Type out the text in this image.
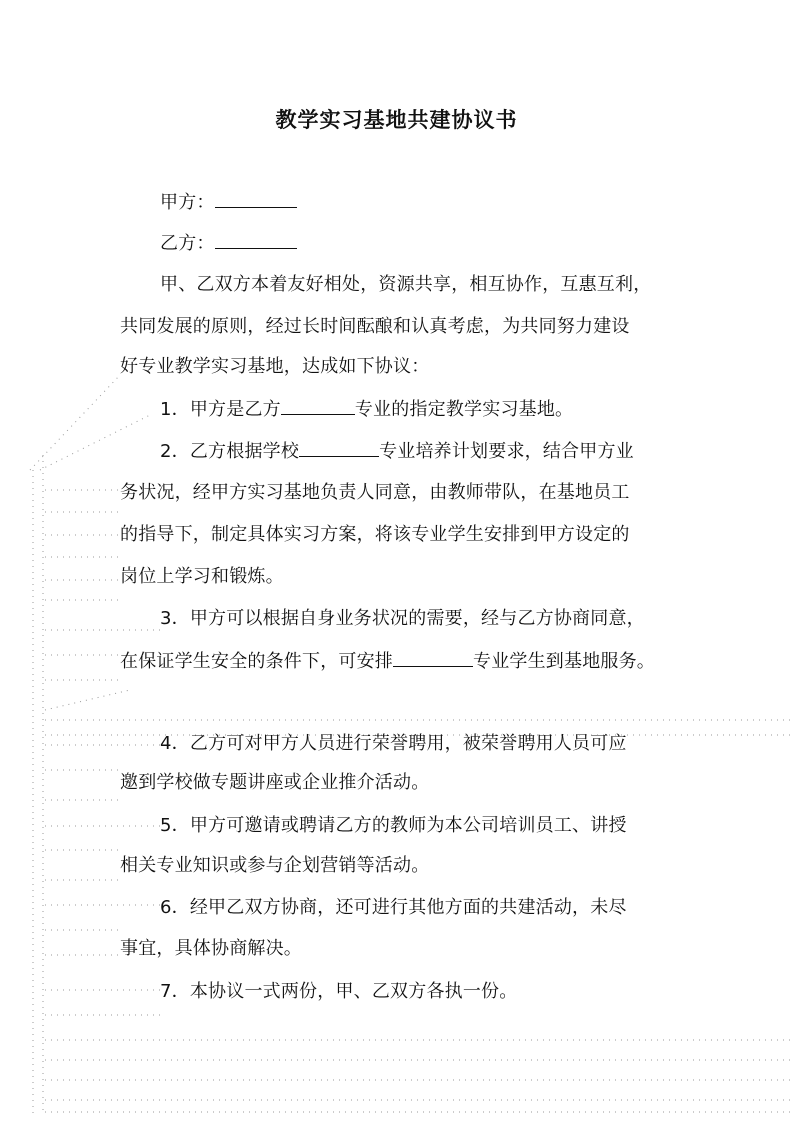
教学实习基地共建协议书
甲方：
乙方：
甲、乙双方本着友好相处，资源共享，相互协作，互惠互利，
共同发展的原则，经过长时间酝酿和认真考虑，为共同努力建设
好专业教学实习基地，达成如下协议：
1．甲方是乙方	专业的指定教学实习基地。
2．乙方根据学校	专业培养计划要求，结合甲方业
务状况，经甲方实习基地负责人同意，由教师带队，在基地员工
的指导下，制定具体实习方案，将该专业学生安排到甲方设定的
岗位上学习和锻炼。
3．甲方可以根据自身业务状况的需要，经与乙方协商同意，
在保证学生安全的条件下，可安排	专业学生到基地服务。
4．乙方可对甲方人员进行荣誉聘用，被荣誉聘用人员可应
邀到学校做专题讲座或企业推介活动。
5．甲方可邀请或聘请乙方的教师为本公司培训员工、讲授
相关专业知识或参与企划营销等活动。
6．经甲乙双方协商，还可进行其他方面的共建活动，未尽
事宜，具体协商解决。
7．本协议一式两份，甲、乙双方各执一份。
